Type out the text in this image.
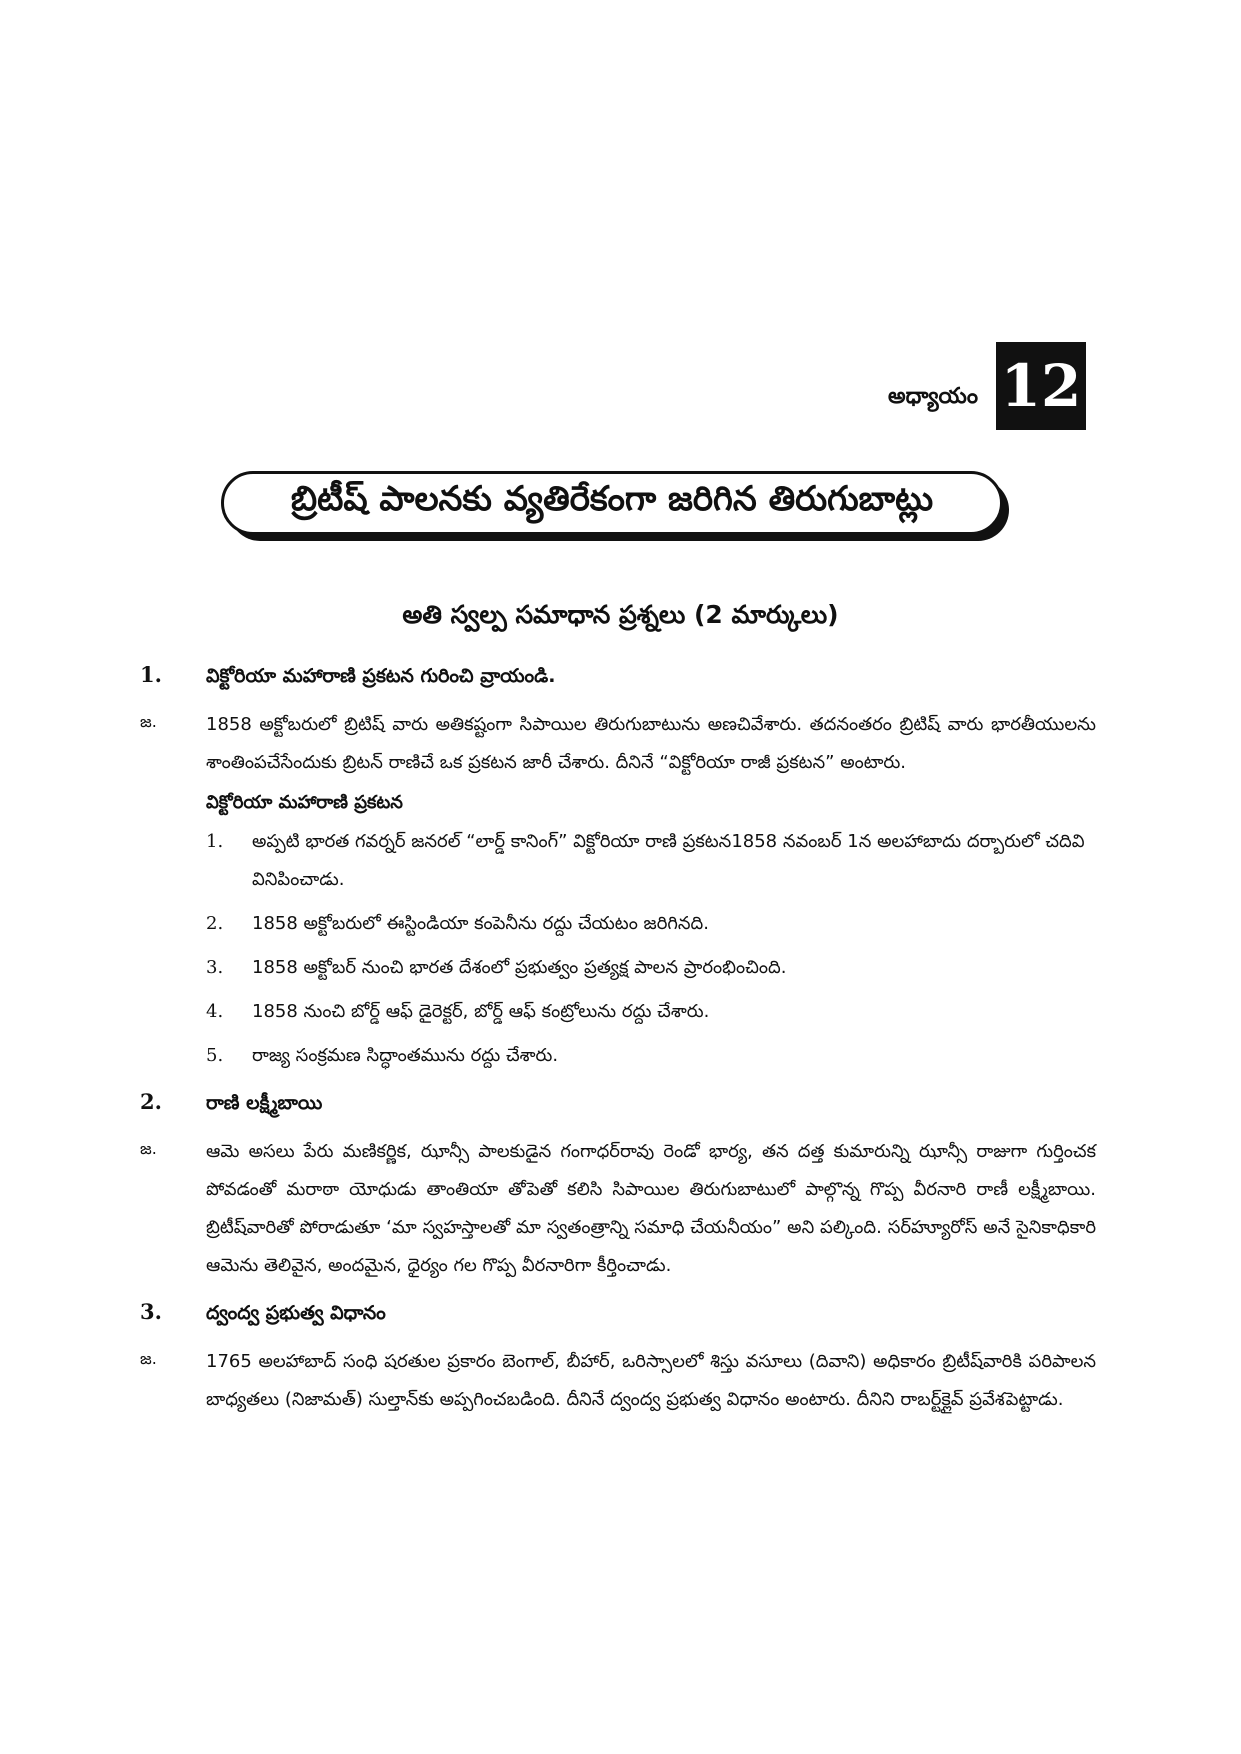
అధ్యాయం 12
బ్రిటీష్ పాలనకు వ్యతిరేకంగా జరిగిన తిరుగుబాట్లు
అతి స్వల్ప సమాధాన ప్రశ్నలు (2 మార్కులు)
1.	విక్టోరియా మహారాణి ప్రకటన గురించి వ్రాయండి.
జ.	1858 అక్టోబరులో బ్రిటిష్ వారు అతికష్టంగా సిపాయిల తిరుగుబాటును అణచివేశారు. తదనంతరం బ్రిటిష్ వారు భారతీయులను శాంతింపచేసేందుకు బ్రిటన్ రాణిచే ఒక ప్రకటన జారీ చేశారు. దీనినే “విక్టోరియా రాజీ ప్రకటన” అంటారు.
విక్టోరియా మహారాణి ప్రకటన
1.	అప్పటి భారత గవర్నర్ జనరల్ “లార్డ్ కానింగ్” విక్టోరియా రాణి ప్రకటన1858 నవంబర్ 1న అలహాబాదు దర్బారులో చదివి వినిపించాడు.
2.	1858 అక్టోబరులో ఈస్టిండియా కంపెనీను రద్దు చేయటం జరిగినది.
3.	1858 అక్టోబర్ నుంచి భారత దేశంలో ప్రభుత్వం ప్రత్యక్ష పాలన ప్రారంభించింది.
4.	1858 నుంచి బోర్డ్ ఆఫ్ డైరెక్టర్, బోర్డ్ ఆఫ్ కంట్రోలును రద్దు చేశారు.
5.	రాజ్య సంక్రమణ సిద్ధాంతమును రద్దు చేశారు.
2.	రాణి లక్ష్మీబాయి
జ.	ఆమె అసలు పేరు మణికర్ణిక, ఝాన్సీ పాలకుడైన గంగాధర్‌రావు రెండో భార్య, తన దత్త కుమారున్ని ఝాన్సీ రాజుగా గుర్తించక పోవడంతో మరాఠా యోధుడు తాంతియా తోపెతో కలిసి సిపాయిల తిరుగుబాటులో పాల్గొన్న గొప్ప వీరనారి రాణీ లక్ష్మీబాయి. బ్రిటీష్‌వారితో పోరాడుతూ ‘మా స్వహస్తాలతో మా స్వతంత్రాన్ని సమాధి చేయనీయం” అని పల్కింది. సర్‌హ్యూరోస్ అనే సైనికాధికారి ఆమెను తెలివైన, అందమైన, ధైర్యం గల గొప్ప వీరనారిగా కీర్తించాడు.
3.	ద్వంద్వ ప్రభుత్వ విధానం
జ.	1765 అలహాబాద్ సంధి షరతుల ప్రకారం బెంగాల్, బీహార్, ఒరిస్సాలలో శిస్తు వసూలు (దివాని) అధికారం బ్రిటీష్‌వారికి పరిపాలన బాధ్యతలు (నిజామత్) సుల్తాన్‌కు అప్పగించబడింది. దీనినే ద్వంద్వ ప్రభుత్వ విధానం అంటారు. దీనిని రాబర్ట్‌క్లైవ్ ప్రవేశపెట్టాడు.
